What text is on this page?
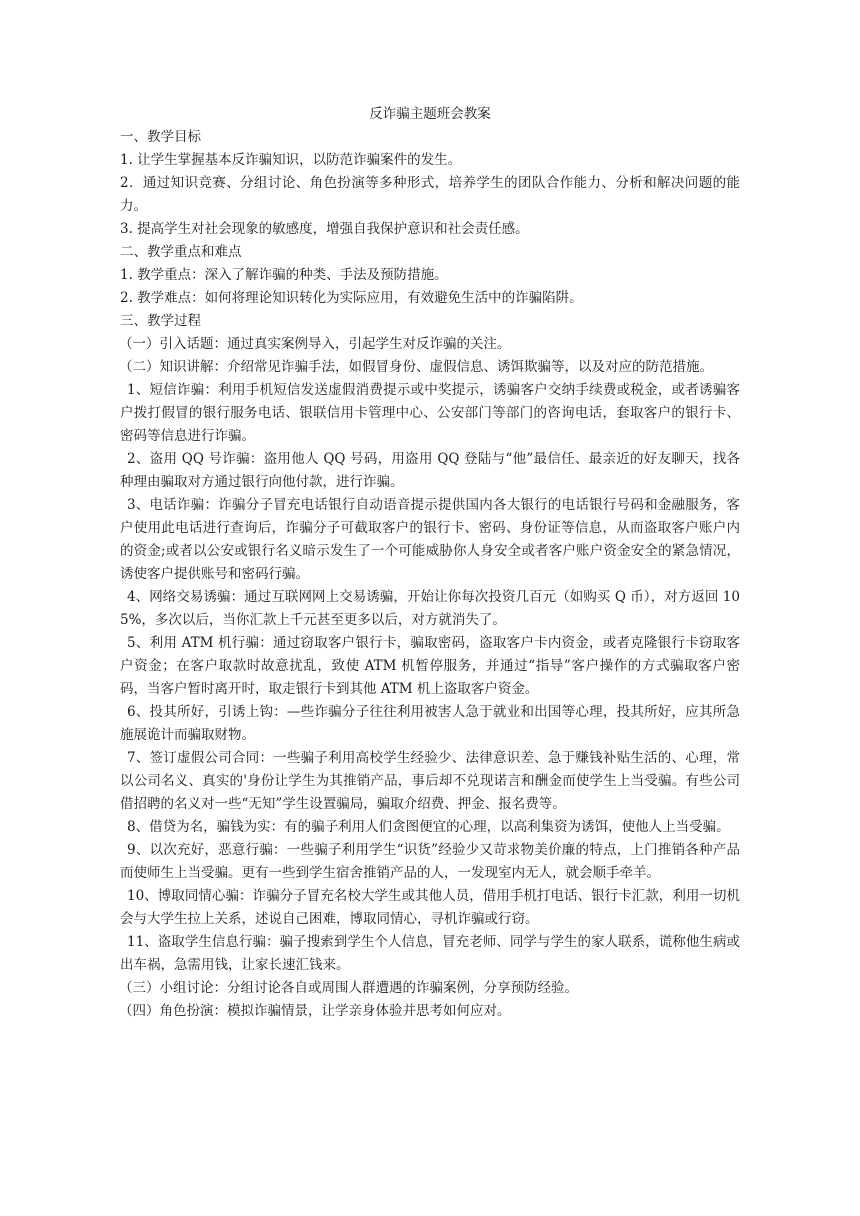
反诈骗主题班会教案

一、教学目标

1. 让学生掌握基本反诈骗知识，以防范诈骗案件的发生。

2．通过知识竞赛、分组讨论、角色扮演等多种形式，培养学生的团队合作能力、分析和解决问题的能力。

3. 提高学生对社会现象的敏感度，增强自我保护意识和社会责任感。

二、教学重点和难点

1. 教学重点：深入了解诈骗的种类、手法及预防措施。

2. 教学难点：如何将理论知识转化为实际应用，有效避免生活中的诈骗陷阱。

三、教学过程

（一）引入话题：通过真实案例导入，引起学生对反诈骗的关注。

（二）知识讲解：介绍常见诈骗手法，如假冒身份、虚假信息、诱饵欺骗等，以及对应的防范措施。

1、短信诈骗：利用手机短信发送虚假消费提示或中奖提示，诱骗客户交纳手续费或税金，或者诱骗客户拨打假冒的银行服务电话、银联信用卡管理中心、公安部门等部门的咨询电话，套取客户的银行卡、密码等信息进行诈骗。

2、盗用 QQ 号诈骗：盗用他人 QQ 号码，用盗用 QQ 登陆与“他”最信任、最亲近的好友聊天，找各种理由骗取对方通过银行向他付款，进行诈骗。

3、电话诈骗：诈骗分子冒充电话银行自动语音提示提供国内各大银行的电话银行号码和金融服务，客户使用此电话进行查询后，诈骗分子可截取客户的银行卡、密码、身份证等信息，从而盗取客户账户内的资金;或者以公安或银行名义暗示发生了一个可能威胁你人身安全或者客户账户资金安全的紧急情况，诱使客户提供账号和密码行骗。

4、网络交易诱骗：通过互联网网上交易诱骗，开始让你每次投资几百元（如购买 Q 币），对方返回 105%，多次以后，当你汇款上千元甚至更多以后，对方就消失了。

5、利用 ATM 机行骗：通过窃取客户银行卡，骗取密码，盗取客户卡内资金，或者克隆银行卡窃取客户资金；在客户取款时故意扰乱，致使 ATM 机暂停服务，并通过“指导”客户操作的方式骗取客户密码，当客户暂时离开时，取走银行卡到其他 ATM 机上盗取客户资金。

6、投其所好，引诱上钩：—些诈骗分子往往利用被害人急于就业和出国等心理，投其所好，应其所急施展诡计而骗取财物。

7、签订虚假公司合同：一些骗子利用高校学生经验少、法律意识差、急于赚钱补贴生活的、心理，常以公司名义、真实的'身份让学生为其推销产品，事后却不兑现诺言和酬金而使学生上当受骗。有些公司借招聘的名义对一些“无知”学生设置骗局，骗取介绍费、押金、报名费等。

8、借贷为名，骗钱为实：有的骗子利用人们贪图便宜的心理，以高利集资为诱饵，使他人上当受骗。

9、以次充好，恶意行骗：一些骗子利用学生“识货”经验少又苛求物美价廉的特点，上门推销各种产品而使师生上当受骗。更有一些到学生宿舍推销产品的人，一发现室内无人，就会顺手牵羊。

10、博取同情心骗：诈骗分子冒充名校大学生或其他人员，借用手机打电话、银行卡汇款，利用一切机会与大学生拉上关系，述说自己困难，博取同情心，寻机诈骗或行窃。

11、盗取学生信息行骗：骗子搜索到学生个人信息，冒充老师、同学与学生的家人联系，谎称他生病或出车祸，急需用钱，让家长速汇钱来。

（三）小组讨论：分组讨论各自或周围人群遭遇的诈骗案例，分享预防经验。

（四）角色扮演：模拟诈骗情景，让学亲身体验并思考如何应对。
